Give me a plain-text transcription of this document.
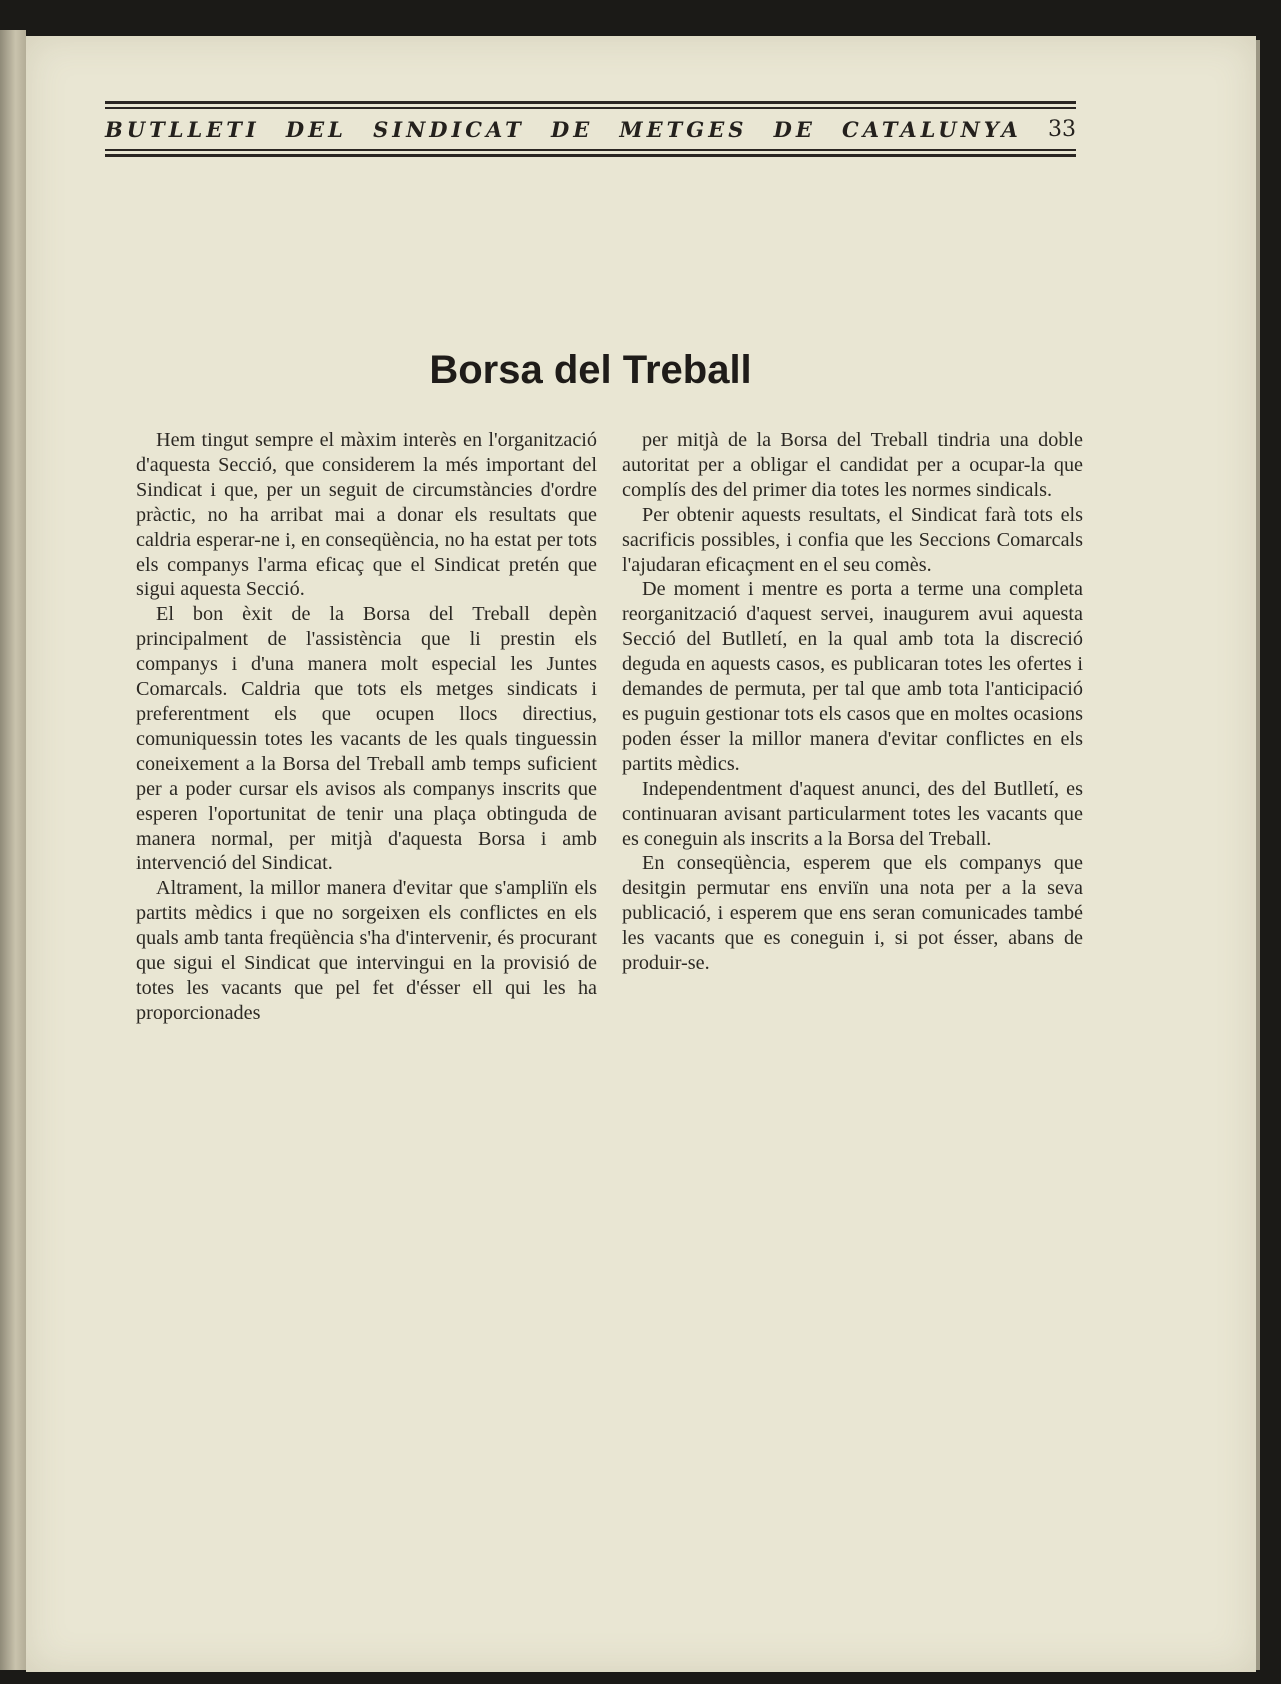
BUTLLETI DEL SINDICAT DE METGES DE CATALUNYA 33
Borsa del Treball

Hem tingut sempre el màxim interès en l'organització d'aquesta Secció, que considerem la més important del Sindicat i que, per un seguit de circumstàncies d'ordre pràctic, no ha arribat mai a donar els resultats que caldria esperar-ne i, en conseqüència, no ha estat per tots els companys l'arma eficaç que el Sindicat pretén que sigui aquesta Secció.

El bon èxit de la Borsa del Treball depèn principalment de l'assistència que li prestin els companys i d'una manera molt especial les Juntes Comarcals. Caldria que tots els metges sindicats i preferentment els que ocupen llocs directius, comuniquessin totes les vacants de les quals tinguessin coneixement a la Borsa del Treball amb temps suficient per a poder cursar els avisos als companys inscrits que esperen l'oportunitat de tenir una plaça obtinguda de manera normal, per mitjà d'aquesta Borsa i amb intervenció del Sindicat.

Altrament, la millor manera d'evitar que s'ampliïn els partits mèdics i que no sorgeixen els conflictes en els quals amb tanta freqüència s'ha d'intervenir, és procurant que sigui el Sindicat que intervingui en la provisió de totes les vacants que pel fet d'ésser ell qui les ha proporcionades

per mitjà de la Borsa del Treball tindria una doble autoritat per a obligar el candidat per a ocupar-la que complís des del primer dia totes les normes sindicals.

Per obtenir aquests resultats, el Sindicat farà tots els sacrificis possibles, i confia que les Seccions Comarcals l'ajudaran eficaçment en el seu comès.

De moment i mentre es porta a terme una completa reorganització d'aquest servei, inaugurem avui aquesta Secció del Butlletí, en la qual amb tota la discreció deguda en aquests casos, es publicaran totes les ofertes i demandes de permuta, per tal que amb tota l'anticipació es puguin gestionar tots els casos que en moltes ocasions poden ésser la millor manera d'evitar conflictes en els partits mèdics.

Independentment d'aquest anunci, des del Butlletí, es continuaran avisant particularment totes les vacants que es coneguin als inscrits a la Borsa del Treball.

En conseqüència, esperem que els companys que desitgin permutar ens enviïn una nota per a la seva publicació, i esperem que ens seran comunicades també les vacants que es coneguin i, si pot ésser, abans de produir-se.
